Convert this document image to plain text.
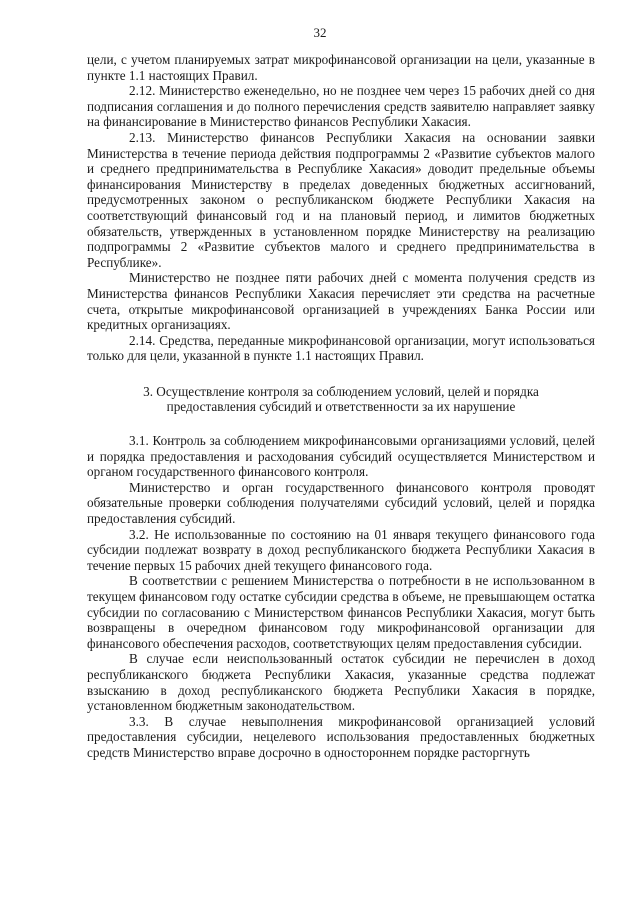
32

цели, с учетом планируемых затрат микрофинансовой организации на цели, указанные в пункте 1.1 настоящих Правил.

2.12. Министерство еженедельно, но не позднее чем через 15 рабочих дней со дня подписания соглашения и до полного перечисления средств заявителю направляет заявку на финансирование в Министерство финансов Республики Хакасия.

2.13. Министерство финансов Республики Хакасия на основании заявки Министерства в течение периода действия подпрограммы 2 «Развитие субъектов малого и среднего предпринимательства в Республике Хакасия» доводит предельные объемы финансирования Министерству в пределах доведенных бюджетных ассигнований, предусмотренных законом о республиканском бюджете Республики Хакасия на соответствующий финансовый год и на плановый период, и лимитов бюджетных обязательств, утвержденных в установленном порядке Министерству на реализацию подпрограммы 2 «Развитие субъектов малого и среднего предпринимательства в Республике».

Министерство не позднее пяти рабочих дней с момента получения средств из Министерства финансов Республики Хакасия перечисляет эти средства на расчетные счета, открытые микрофинансовой организацией в учреждениях Банка России или кредитных организациях.

2.14. Средства, переданные микрофинансовой организации, могут использоваться только для цели, указанной в пункте 1.1 настоящих Правил.

3. Осуществление контроля за соблюдением условий, целей и порядка предоставления субсидий и ответственности за их нарушение

3.1. Контроль за соблюдением микрофинансовыми организациями условий, целей и порядка предоставления и расходования субсидий осуществляется Министерством и органом государственного финансового контроля.

Министерство и орган государственного финансового контроля проводят обязательные проверки соблюдения получателями субсидий условий, целей и порядка предоставления субсидий.

3.2. Не использованные по состоянию на 01 января текущего финансового года субсидии подлежат возврату в доход республиканского бюджета Республики Хакасия в течение первых 15 рабочих дней текущего финансового года.

В соответствии с решением Министерства о потребности в не использованном в текущем финансовом году остатке субсидии средства в объеме, не превышающем остатка субсидии по согласованию с Министерством финансов Республики Хакасия, могут быть возвращены в очередном финансовом году микрофинансовой организации для финансового обеспечения расходов, соответствующих целям предоставления субсидии.

В случае если неиспользованный остаток субсидии не перечислен в доход республиканского бюджета Республики Хакасия, указанные средства подлежат взысканию в доход республиканского бюджета Республики Хакасия в порядке, установленном бюджетным законодательством.

3.3. В случае невыполнения микрофинансовой организацией условий предоставления субсидии, нецелевого использования предоставленных бюджетных средств Министерство вправе досрочно в одностороннем порядке расторгнуть
